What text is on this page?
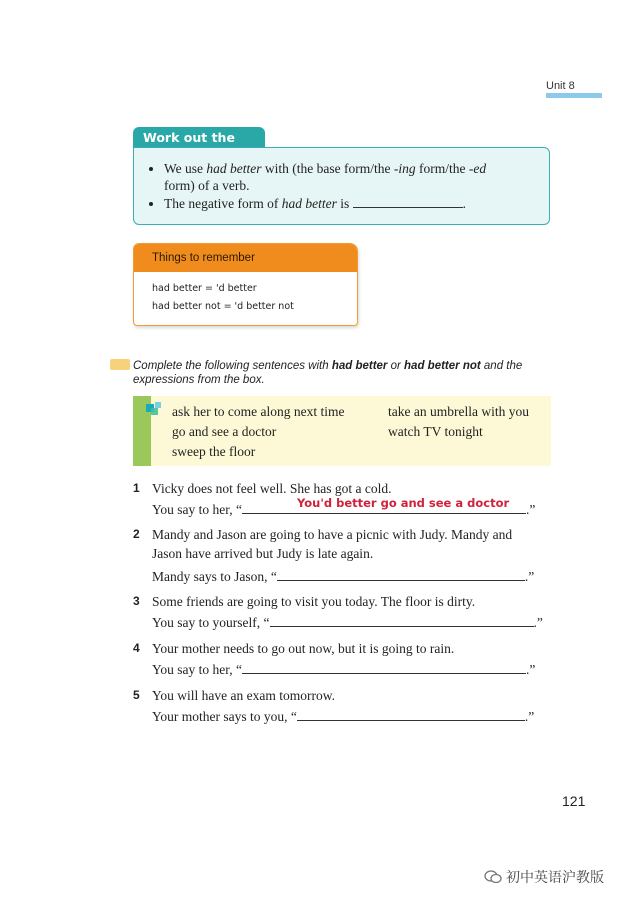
Unit 8
Work out the
• We use had better with (the base form/the -ing form/the -ed
form) of a verb.
• The negative form of had better is	.
Things to remember
had better = 'd better
had better not = 'd better not
Complete the following sentences with had better or had better not and the
expressions from the box.
ask her to come along next time	take an umbrella with you
go and see a doctor	watch TV tonight
sweep the floor
1 Vicky does not feel well. She has got a cold.
You say to her, “	You'd better go and see a doctor .”
2 Mandy and Jason are going to have a picnic with Judy. Mandy and
Jason have arrived but Judy is late again.
Mandy says to Jason, “	.”
3 Some friends are going to visit you today. The floor is dirty.
You say to yourself, “	.”
4 Your mother needs to go out now, but it is going to rain.
You say to her, “	.”
5 You will have an exam tomorrow.
Your mother says to you, “	.”
121
初中英语沪教版
